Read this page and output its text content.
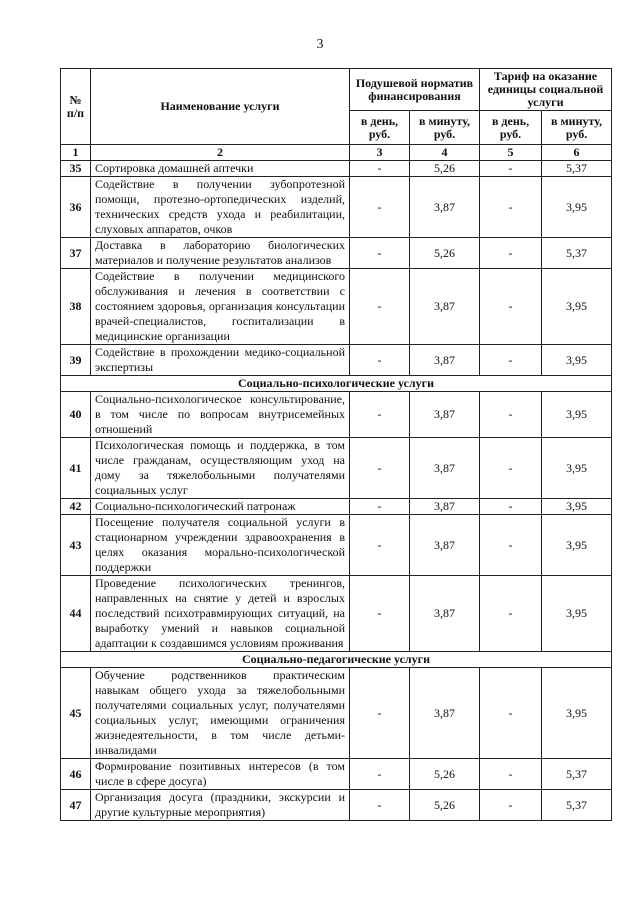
3
№ п/п	Наименование услуги	Подушевой норматив финансирования		Тариф на оказание единицы социальной услуги	
		в день, руб.	в минуту, руб.	в день, руб.	в минуту, руб.
1	2	3	4	5	6
35	Сортировка домашней аптечки	-	5,26	-	5,37
36	Содействие в получении зубопротезной помощи, протезно-ортопедических изделий, технических средств ухода и реабилитации, слуховых аппаратов, очков	-	3,87	-	3,95
37	Доставка в лабораторию биологических материалов и получение результатов анализов	-	5,26	-	5,37
38	Содействие в получении медицинского обслуживания и лечения в соответствии с состоянием здоровья, организация консультации врачей-специалистов, госпитализации в медицинские организации	-	3,87	-	3,95
39	Содействие в прохождении медико-социальной экспертизы	-	3,87	-	3,95
Социально-психологические услуги					
40	Социально-психологическое консультирование, в том числе по вопросам внутрисемейных отношений	-	3,87	-	3,95
41	Психологическая помощь и поддержка, в том числе гражданам, осуществляющим уход на дому за тяжелобольными получателями социальных услуг	-	3,87	-	3,95
42	Социально-психологический патронаж	-	3,87	-	3,95
43	Посещение получателя социальной услуги в стационарном учреждении здравоохранения в целях оказания морально-психологической поддержки	-	3,87	-	3,95
44	Проведение психологических тренингов, направленных на снятие у детей и взрослых последствий психотравмирующих ситуаций, на выработку умений и навыков социальной адаптации к создавшимся условиям проживания	-	3,87	-	3,95
Социально-педагогические услуги					
45	Обучение родственников практическим навыкам общего ухода за тяжелобольными получателями социальных услуг, получателями социальных услуг, имеющими ограничения жизнедеятельности, в том числе детьми-инвалидами	-	3,87	-	3,95
46	Формирование позитивных интересов (в том числе в сфере досуга)	-	5,26	-	5,37
47	Организация досуга (праздники, экскурсии и другие культурные мероприятия)	-	5,26	-	5,37
